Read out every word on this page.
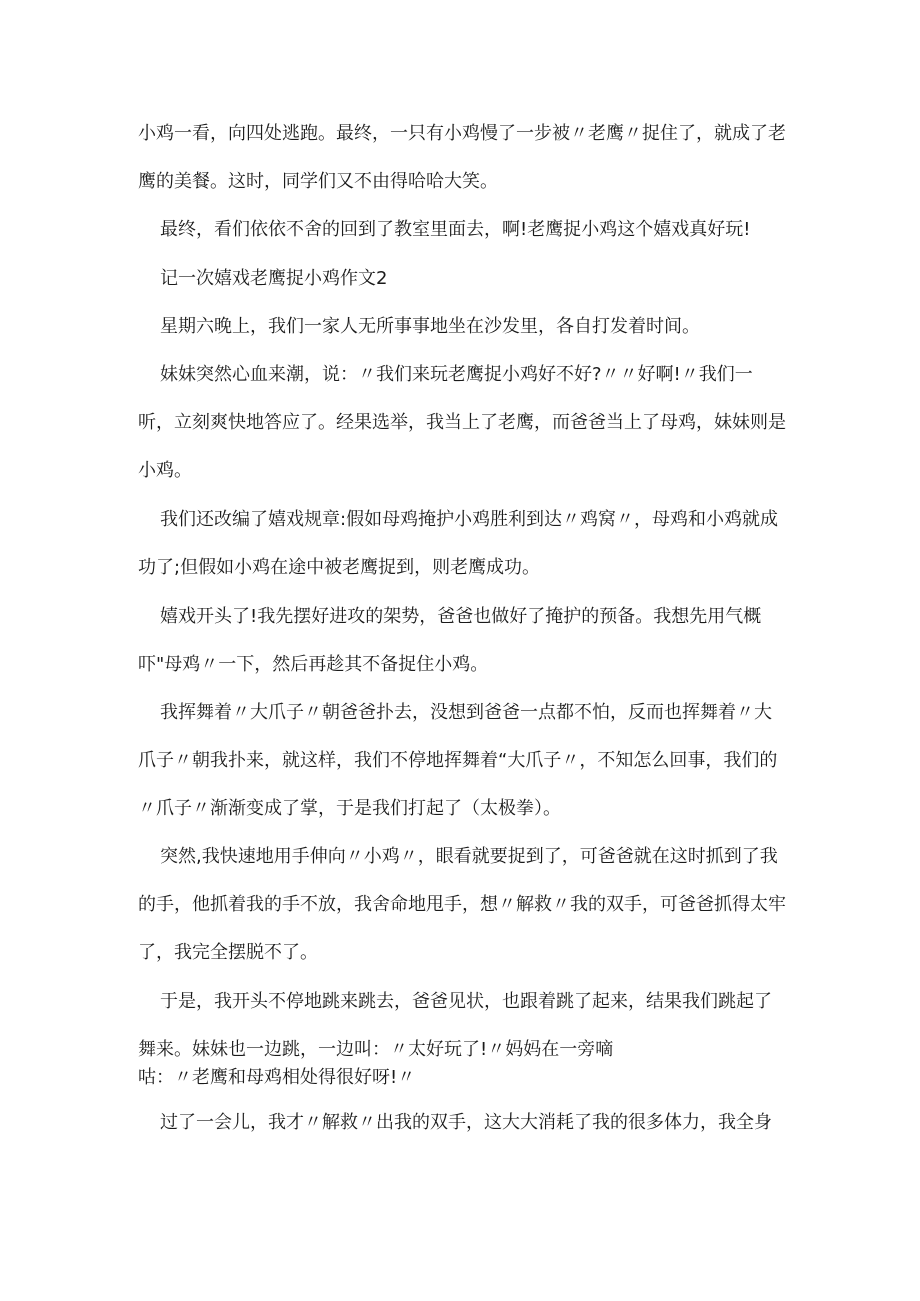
小鸡一看，向四处逃跑。最终，一只有小鸡慢了一步被〃老鹰〃捉住了，就成了老鹰的美餐。这时，同学们又不由得哈哈大笑。

最终，看们依依不舍的回到了教室里面去，啊!老鹰捉小鸡这个嬉戏真好玩!

记一次嬉戏老鹰捉小鸡作文2

星期六晚上，我们一家人无所事事地坐在沙发里，各自打发着时间。

妹妹突然心血来潮，说：〃我们来玩老鹰捉小鸡好不好?〃〃好啊!〃我们一听，立刻爽快地答应了。经果选举，我当上了老鹰，而爸爸当上了母鸡，妹妹则是小鸡。

我们还改编了嬉戏规章:假如母鸡掩护小鸡胜利到达〃鸡窝〃，母鸡和小鸡就成功了;但假如小鸡在途中被老鹰捉到，则老鹰成功。

嬉戏开头了!我先摆好进攻的架势，爸爸也做好了掩护的预备。我想先用气概吓"母鸡〃一下，然后再趁其不备捉住小鸡。

我挥舞着〃大爪子〃朝爸爸扑去，没想到爸爸一点都不怕，反而也挥舞着〃大爪子〃朝我扑来，就这样，我们不停地挥舞着“大爪子〃，不知怎么回事，我们的〃爪子〃渐渐变成了掌，于是我们打起了（太极拳）。

突然,我快速地用手伸向〃小鸡〃，眼看就要捉到了，可爸爸就在这时抓到了我的手，他抓着我的手不放，我舍命地甩手，想〃解救〃我的双手，可爸爸抓得太牢了，我完全摆脱不了。

于是，我开头不停地跳来跳去，爸爸见状，也跟着跳了起来，结果我们跳起了舞来。妹妹也一边跳，一边叫：〃太好玩了!〃妈妈在一旁嘀

咕：〃老鹰和母鸡相处得很好呀!〃

过了一会儿，我才〃解救〃出我的双手，这大大消耗了我的很多体力，我全身
